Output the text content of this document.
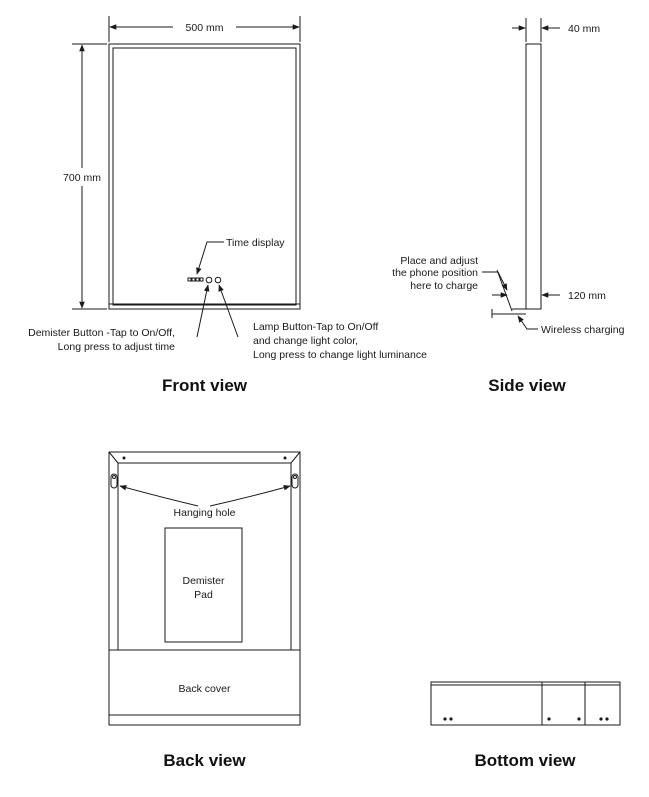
500 mm
700 mm
Time display
Demister Button -Tap to On/Off,
Long press to adjust time
Lamp Button-Tap to On/Off
and change light color,
Long press to change light luminance
Front view
40 mm
120 mm
Place and adjust
the phone position
here to charge
Wireless charging
Side view
Hanging hole
Demister
Pad
Back cover
Back view	Bottom view
